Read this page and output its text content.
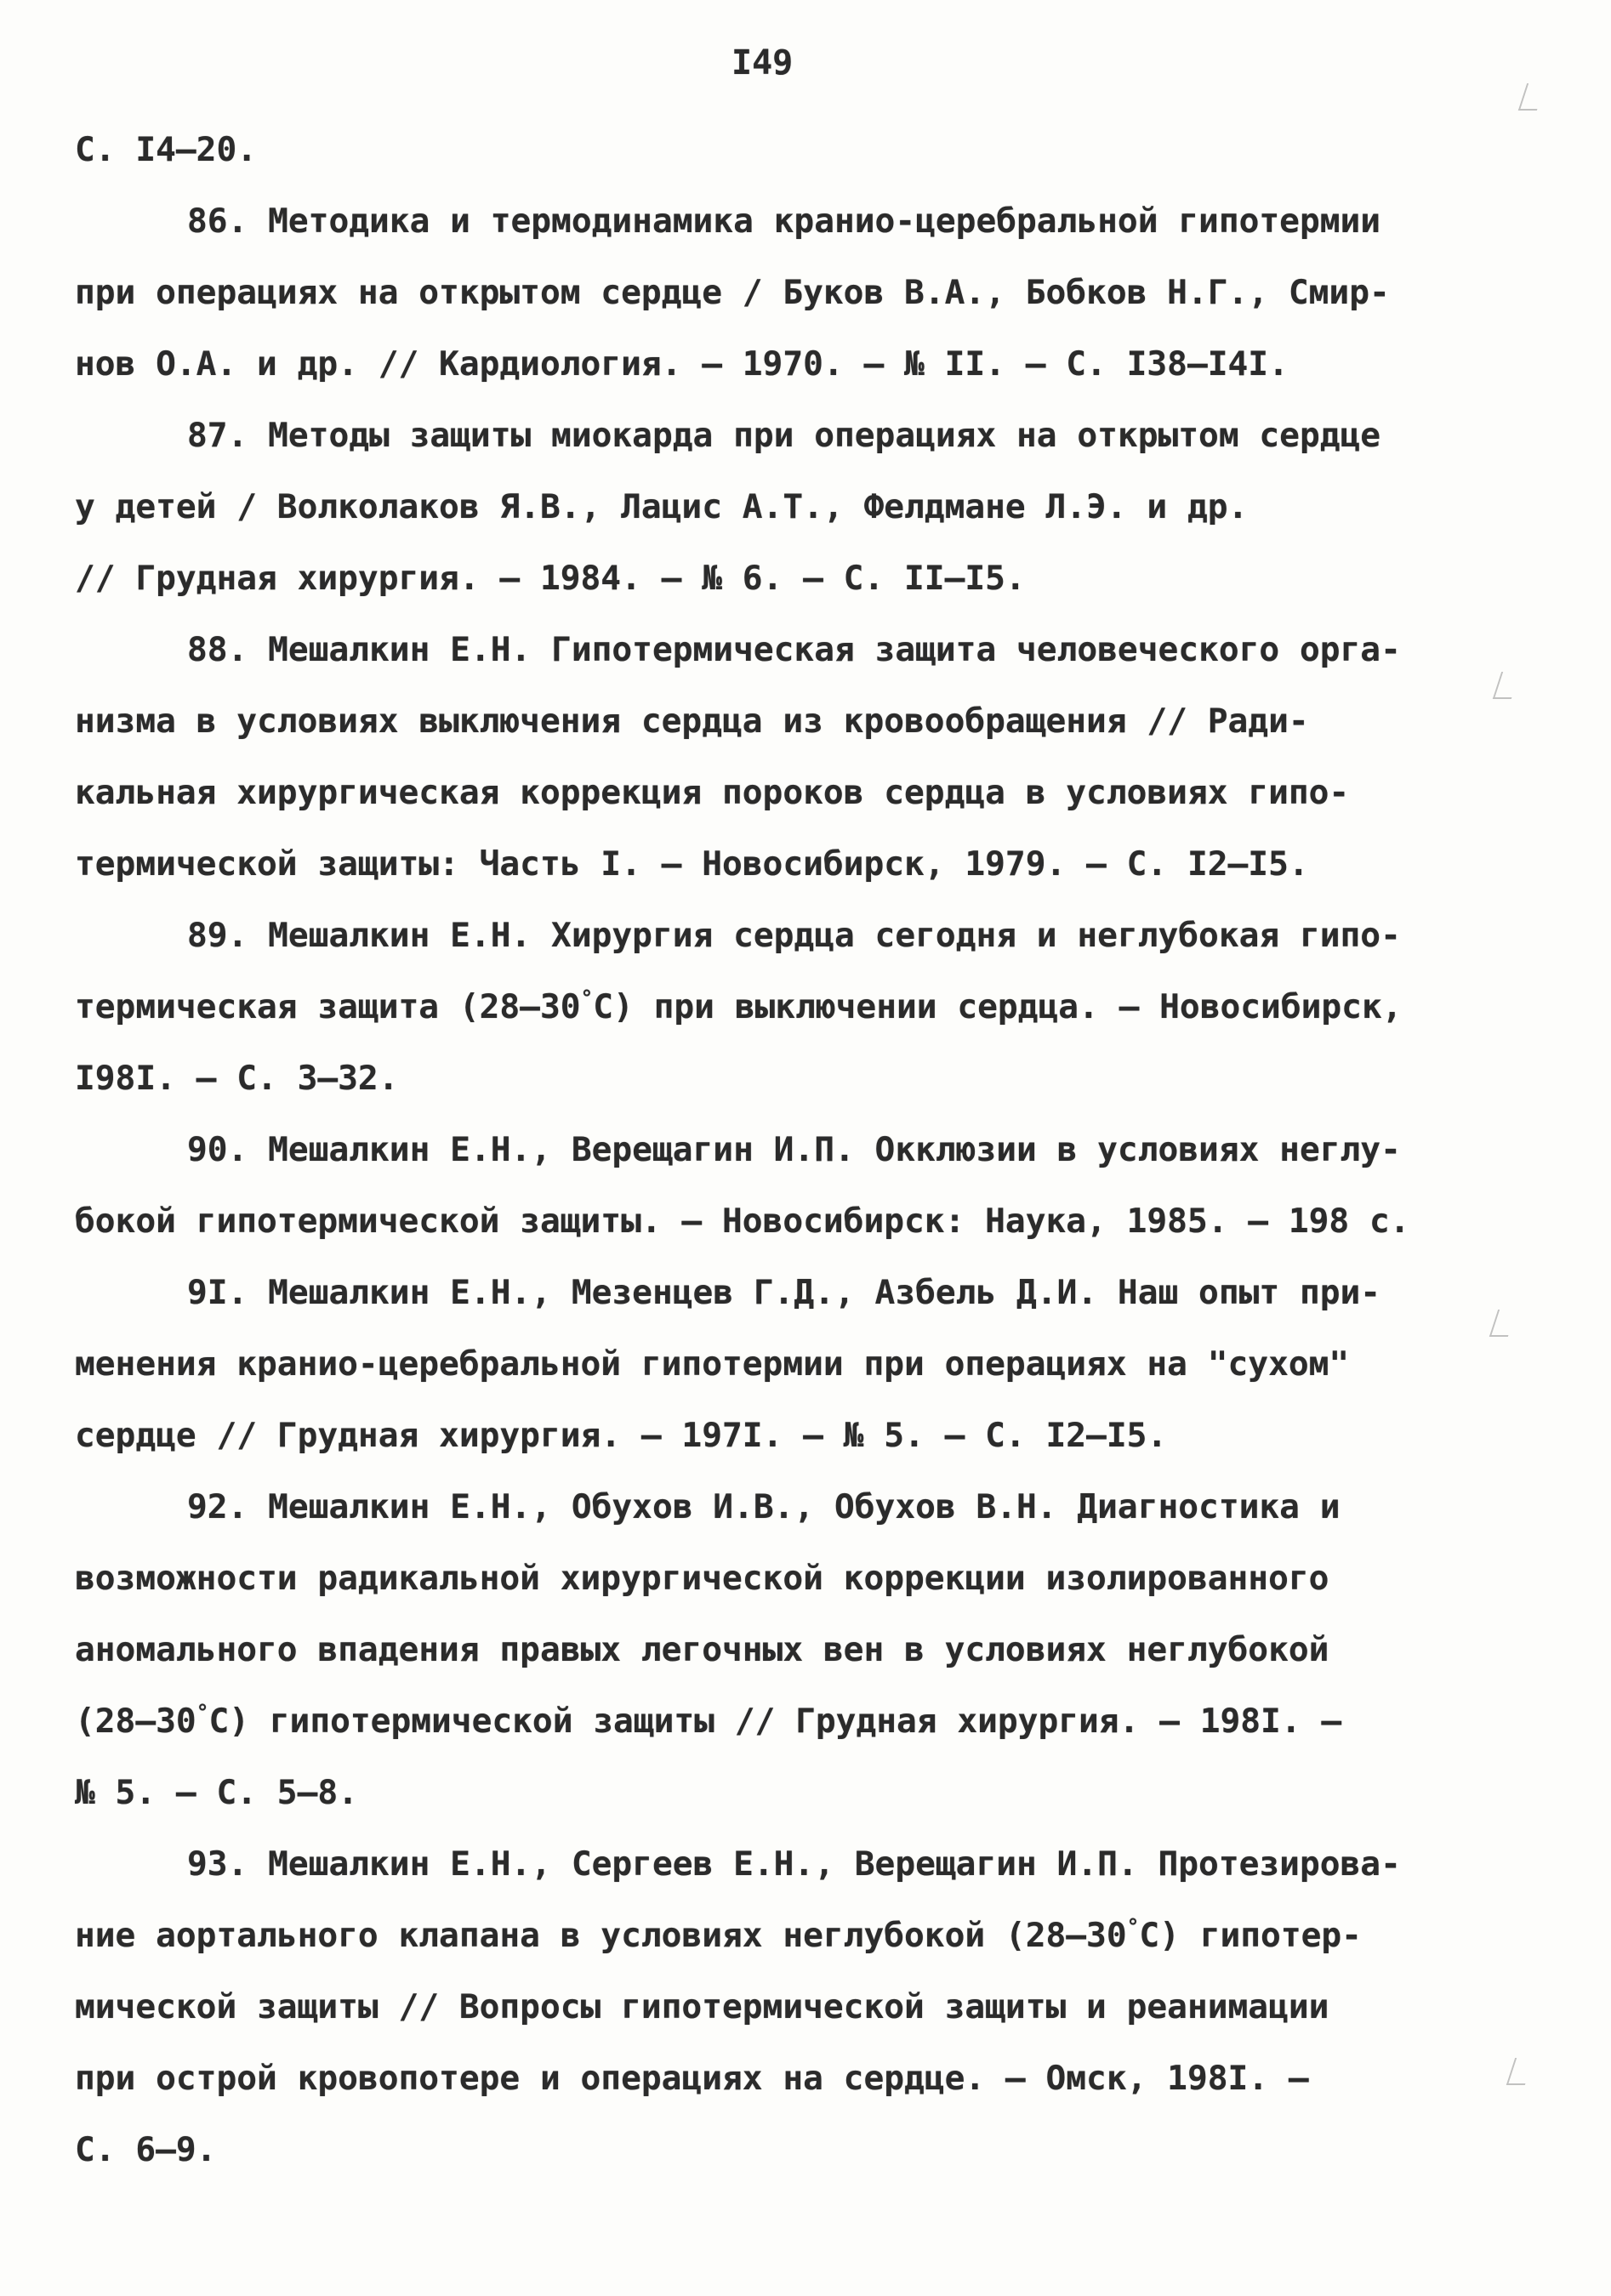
I49
С. I4–20.
86. Методика и термодинамика кранио-церебральной гипотермии
при операциях на открытом сердце / Буков В.А., Бобков Н.Г., Смир-
нов О.А. и др. // Кардиология. – 1970. – № II. – С. I38–I4I.
87. Методы защиты миокарда при операциях на открытом сердце
у детей / Волколаков Я.В., Лацис А.Т., Фелдмане Л.Э. и др.
// Грудная хирургия. – 1984. – № 6. – С. II–I5.
88. Мешалкин Е.Н. Гипотермическая защита человеческого орга-
низма в условиях выключения сердца из кровообращения // Ради-
кальная хирургическая коррекция пороков сердца в условиях гипо-
термической защиты: Часть I. – Новосибирск, 1979. – С. I2–I5.
89. Мешалкин Е.Н. Хирургия сердца сегодня и неглубокая гипо-
термическая защита (28–30°С) при выключении сердца. – Новосибирск,
I98I. – С. 3–32.
90. Мешалкин Е.Н., Верещагин И.П. Окклюзии в условиях неглу-
бокой гипотермической защиты. – Новосибирск: Наука, 1985. – 198 с.
9I. Мешалкин Е.Н., Мезенцев Г.Д., Азбель Д.И. Наш опыт при-
менения кранио-церебральной гипотермии при операциях на "сухом"
сердце // Грудная хирургия. – 197I. – № 5. – С. I2–I5.
92. Мешалкин Е.Н., Обухов И.В., Обухов В.Н. Диагностика и
возможности радикальной хирургической коррекции изолированного
аномального впадения правых легочных вен в условиях неглубокой
(28–30°С) гипотермической защиты // Грудная хирургия. – 198I. –
№ 5. – С. 5–8.
93. Мешалкин Е.Н., Сергеев Е.Н., Верещагин И.П. Протезирова-
ние аортального клапана в условиях неглубокой (28–30°С) гипотер-
мической защиты // Вопросы гипотермической защиты и реанимации
при острой кровопотере и операциях на сердце. – Омск, 198I. –
С. 6–9.
